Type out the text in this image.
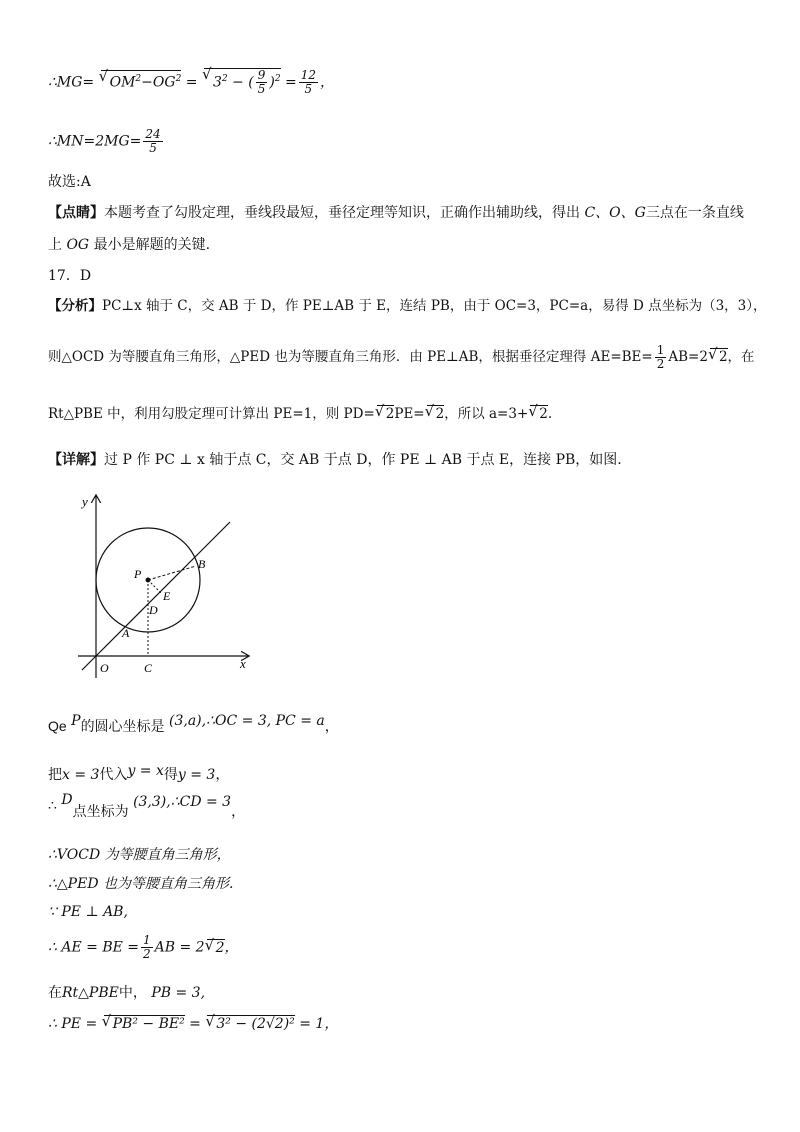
∴MG= √ $OM^2-OG^2$ = √ $3^2$ − ( $\frac{9}{5} )^2 = \frac{12}{5}$ ，
∴MN=2MG= $\frac{24}{5}$
故选:A
【点睛】本题考查了勾股定理，垂线段最短，垂径定理等知识，正确作出辅助线，得出 C、O、G三点在一条直线
上 OG 最小是解题的关键.
17．D
【分析】PC⊥x 轴于 C，交 AB 于 D，作 PE⊥AB 于 E，连结 PB，由于 OC=3，PC=a，易得 D 点坐标为（3，3），
则△OCD 为等腰直角三角形，△PED 也为等腰直角三角形．由 PE⊥AB，根据垂径定理得 $AE=BE= \frac{1}{2} AB=2√$ 2，在
Rt△PBE 中，利用勾股定理可计算出 PE=1，则 PD=√ 2PE=√ 2，所以 a=3+√ 2.
【详解】过 P 作 PC ⊥ x 轴于点 C，交 AB 于点 D，作 PE ⊥ AB 于点 E，连接 PB，如图.
y
x
O	C
A
D
E
P
B
Qe P的圆心坐标是 (3,a),∴OC = 3, PC = a，
把x = 3代入y = x得y = 3，
∴ D点坐标为 (3,3),∴CD = 3，
∴VOCD 为等腰直角三角形，
∴△PED 也为等腰直角三角形.
∵ PE ⊥ AB,
∴ AE = BE = $\frac{1}{2}$ AB = 2√ 2，
在Rt△PBE中， PB = 3,
∴ PE = √ PB² − BE² = √ 3² − (2√2)² = 1，
